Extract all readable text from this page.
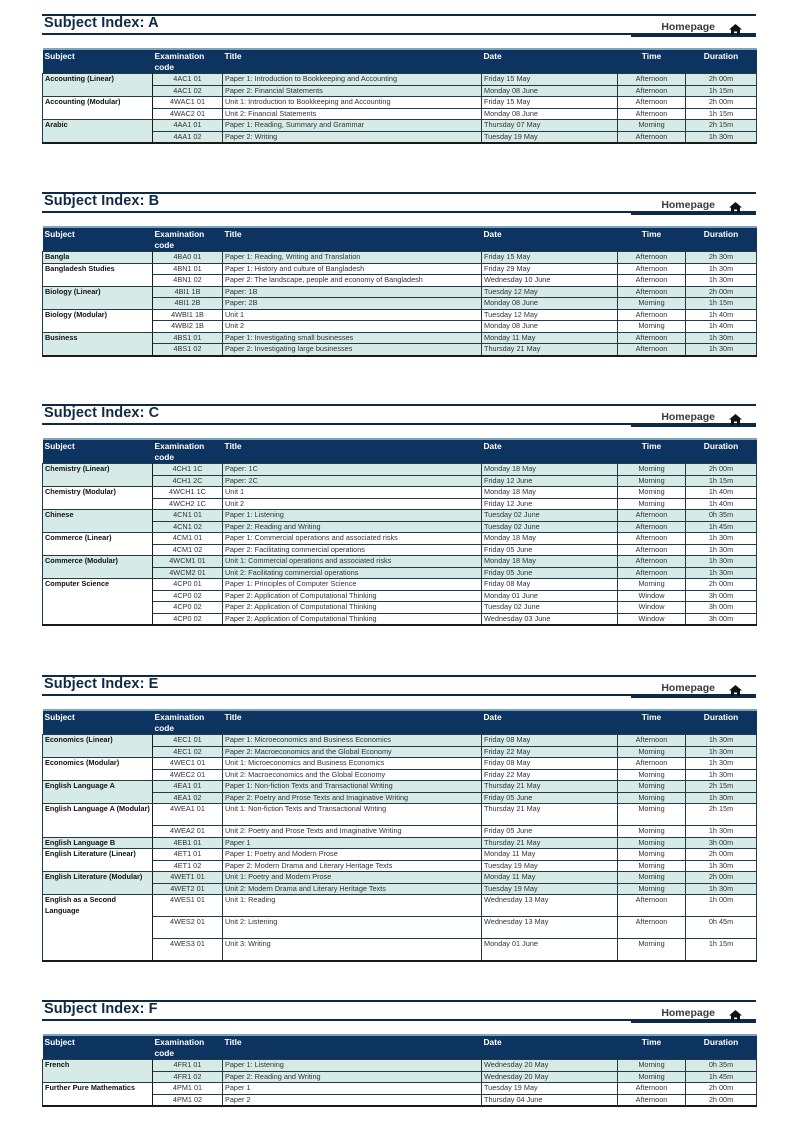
Subject Index: A	Homepage
Subject	Examination code	Title	Date	Time	Duration
Accounting (Linear)	4AC1 01	Paper 1: Introduction to Bookkeeping and Accounting	Friday 15 May	Afternoon	2h 00m
	4AC1 02	Paper 2: Financial Statements	Monday 08 June	Afternoon	1h 15m
Accounting (Modular)	4WAC1 01	Unit 1: Introduction to Bookkeeping and Accounting	Friday 15 May	Afternoon	2h 00m
	4WAC2 01	Unit 2: Financial Statements	Monday 08 June	Afternoon	1h 15m
Arabic	4AA1 01	Paper 1: Reading, Summary and Grammar	Thursday 07 May	Morning	2h 15m
	4AA1 02	Paper 2: Writing	Tuesday 19 May	Afternoon	1h 30m
Subject Index: B	Homepage
Subject	Examination code	Title	Date	Time	Duration
Bangla	4BA0 01	Paper 1: Reading, Writing and Translation	Friday 15 May	Afternoon	2h 30m
Bangladesh Studies	4BN1 01	Paper 1: History and culture of Bangladesh	Friday 29 May	Afternoon	1h 30m
	4BN1 02	Paper 2: The landscape, people and economy of Bangladesh	Wednesday 10 June	Afternoon	1h 30m
Biology (Linear)	4BI1 1B	Paper: 1B	Tuesday 12 May	Afternoon	2h 00m
	4BI1 2B	Paper: 2B	Monday 08 June	Morning	1h 15m
Biology (Modular)	4WBI1 1B	Unit 1	Tuesday 12 May	Afternoon	1h 40m
	4WBI2 1B	Unit 2	Monday 08 June	Morning	1h 40m
Business	4BS1 01	Paper 1: Investigating small businesses	Monday 11 May	Afternoon	1h 30m
	4BS1 02	Paper 2: Investigating large businesses	Thursday 21 May	Afternoon	1h 30m
Subject Index: C	Homepage
Subject	Examination code	Title	Date	Time	Duration
Chemistry (Linear)	4CH1 1C	Paper: 1C	Monday 18 May	Morning	2h 00m
	4CH1 2C	Paper: 2C	Friday 12 June	Morning	1h 15m
Chemistry (Modular)	4WCH1 1C	Unit 1	Monday 18 May	Morning	1h 40m
	4WCH2 1C	Unit 2	Friday 12 June	Morning	1h 40m
Chinese	4CN1 01	Paper 1: Listening	Tuesday 02 June	Afternoon	0h 35m
	4CN1 02	Paper 2: Reading and Writing	Tuesday 02 June	Afternoon	1h 45m
Commerce (Linear)	4CM1 01	Paper 1: Commercial operations and associated risks	Monday 18 May	Afternoon	1h 30m
	4CM1 02	Paper 2: Facilitating commercial operations	Friday 05 June	Afternoon	1h 30m
Commerce (Modular)	4WCM1 01	Unit 1: Commercial operations and associated risks	Monday 18 May	Afternoon	1h 30m
	4WCM2 01	Unit 2: Facilitating commercial operations	Friday 05 June	Afternoon	1h 30m
Computer Science	4CP0 01	Paper 1: Principles of Computer Science	Friday 08 May	Morning	2h 00m
	4CP0 02	Paper 2: Application of Computational Thinking	Monday 01 June	Window	3h 00m
	4CP0 02	Paper 2: Application of Computational Thinking	Tuesday 02 June	Window	3h 00m
	4CP0 02	Paper 2: Application of Computational Thinking	Wednesday 03 June	Window	3h 00m
Subject Index: E	Homepage
Subject	Examination code	Title	Date	Time	Duration
Economics (Linear)	4EC1 01	Paper 1: Microeconomics and Business Economics	Friday 08 May	Afternoon	1h 30m
	4EC1 02	Paper 2: Macroeconomics and the Global Economy	Friday 22 May	Morning	1h 30m
Economics (Modular)	4WEC1 01	Unit 1: Microeconomics and Business Economics	Friday 08 May	Afternoon	1h 30m
	4WEC2 01	Unit 2: Macroeconomics and the Global Economy	Friday 22 May	Morning	1h 30m
English Language A	4EA1 01	Paper 1: Non-fiction Texts and Transactional Writing	Thursday 21 May	Morning	2h 15m
	4EA1 02	Paper 2: Poetry and Prose Texts and Imaginative Writing	Friday 05 June	Morning	1h 30m
English Language A (Modular)	4WEA1 01	Unit 1: Non-fiction Texts and Transactional Writing	Thursday 21 May	Morning	2h 15m
	4WEA2 01	Unit 2: Poetry and Prose Texts and Imaginative Writing	Friday 05 June	Morning	1h 30m
English Language B	4EB1 01	Paper 1	Thursday 21 May	Morning	3h 00m
English Literature (Linear)	4ET1 01	Paper 1: Poetry and Modern Prose	Monday 11 May	Morning	2h 00m
	4ET1 02	Paper 2: Modern Drama and Literary Heritage Texts	Tuesday 19 May	Morning	1h 30m
English Literature (Modular)	4WET1 01	Unit 1: Poetry and Modern Prose	Monday 11 May	Morning	2h 00m
	4WET2 01	Unit 2: Modern Drama and Literary Heritage Texts	Tuesday 19 May	Morning	1h 30m
English as a Second Language	4WES1 01	Unit 1: Reading	Wednesday 13 May	Afternoon	1h 00m
	4WES2 01	Unit 2: Listening	Wednesday 13 May	Afternoon	0h 45m
	4WES3 01	Unit 3: Writing	Monday 01 June	Morning	1h 15m
Subject Index: F	Homepage
Subject	Examination code	Title	Date	Time	Duration
French	4FR1 01	Paper 1: Listening	Wednesday 20 May	Morning	0h 35m
	4FR1 02	Paper 2: Reading and Writing	Wednesday 20 May	Morning	1h 45m
Further Pure Mathematics	4PM1 01	Paper 1	Tuesday 19 May	Afternoon	2h 00m
	4PM1 02	Paper 2	Thursday 04 June	Afternoon	2h 00m
